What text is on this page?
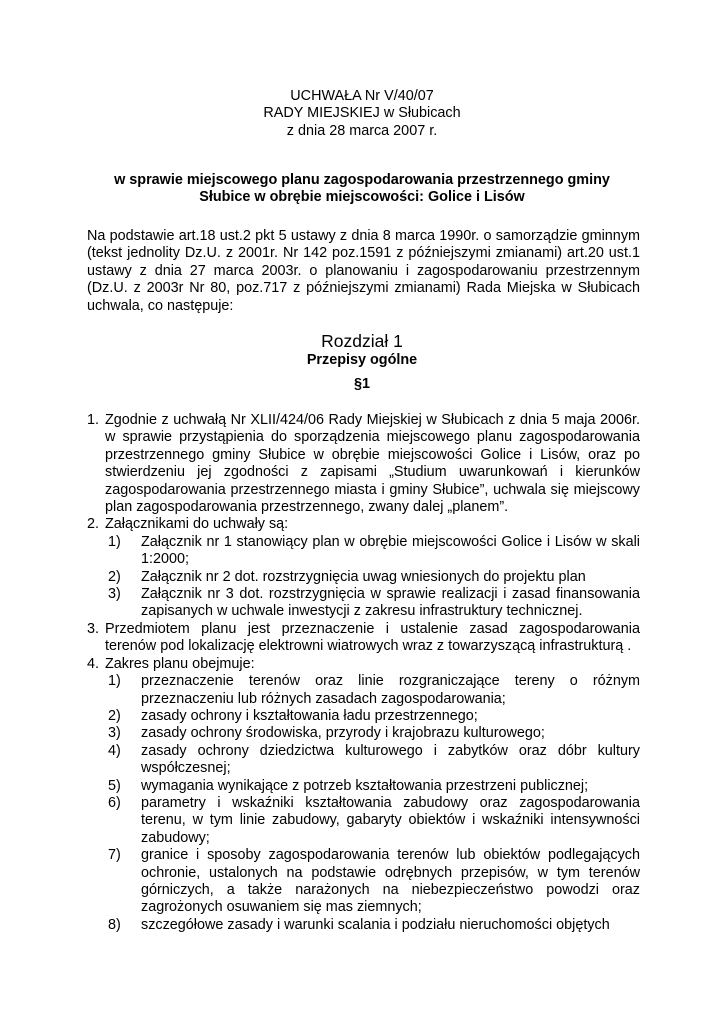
UCHWAŁA Nr V/40/07
RADY MIEJSKIEJ w Słubicach
z dnia 28 marca 2007 r.
w sprawie miejscowego planu zagospodarowania przestrzennego gminy
Słubice w obrębie miejscowości: Golice i Lisów

Na podstawie art.18 ust.2 pkt 5 ustawy z dnia 8 marca 1990r. o samorządzie gminnym (tekst jednolity Dz.U. z 2001r. Nr 142 poz.1591 z późniejszymi zmianami) art.20 ust.1 ustawy z dnia 27 marca 2003r. o planowaniu i zagospodarowaniu przestrzennym (Dz.U. z 2003r Nr 80, poz.717 z późniejszymi zmianami) Rada Miejska w Słubicach uchwala, co następuje:

Rozdział 1
Przepisy ogólne
§1
1. Zgodnie z uchwałą Nr XLII/424/06 Rady Miejskiej w Słubicach z dnia 5 maja 2006r. w sprawie przystąpienia do sporządzenia miejscowego planu zagospodarowania przestrzennego gminy Słubice w obrębie miejscowości Golice i Lisów, oraz po stwierdzeniu jej zgodności z zapisami „Studium uwarunkowań i kierunków zagospodarowania przestrzennego miasta i gminy Słubice”, uchwala się miejscowy plan zagospodarowania przestrzennego, zwany dalej „planem”.
2. Załącznikami do uchwały są:
1) Załącznik nr 1 stanowiący plan w obrębie miejscowości Golice i Lisów w skali 1:2000;
2) Załącznik nr 2 dot. rozstrzygnięcia uwag wniesionych do projektu plan
3) Załącznik nr 3 dot. rozstrzygnięcia w sprawie realizacji i zasad finansowania zapisanych w uchwale inwestycji z zakresu infrastruktury technicznej.
3. Przedmiotem planu jest przeznaczenie i ustalenie zasad zagospodarowania terenów pod lokalizację elektrowni wiatrowych wraz z towarzyszącą infrastrukturą .
4. Zakres planu obejmuje:
1) przeznaczenie terenów oraz linie rozgraniczające tereny o różnym przeznaczeniu lub różnych zasadach zagospodarowania;
2) zasady ochrony i kształtowania ładu przestrzennego;
3) zasady ochrony środowiska, przyrody i krajobrazu kulturowego;
4) zasady ochrony dziedzictwa kulturowego i zabytków oraz dóbr kultury współczesnej;
5) wymagania wynikające z potrzeb kształtowania przestrzeni publicznej;
6) parametry i wskaźniki kształtowania zabudowy oraz zagospodarowania terenu, w tym linie zabudowy, gabaryty obiektów i wskaźniki intensywności zabudowy;
7) granice i sposoby zagospodarowania terenów lub obiektów podlegających ochronie, ustalonych na podstawie odrębnych przepisów, w tym terenów górniczych, a także narażonych na niebezpieczeństwo powodzi oraz zagrożonych osuwaniem się mas ziemnych;
8) szczegółowe zasady i warunki scalania i podziału nieruchomości objętych
